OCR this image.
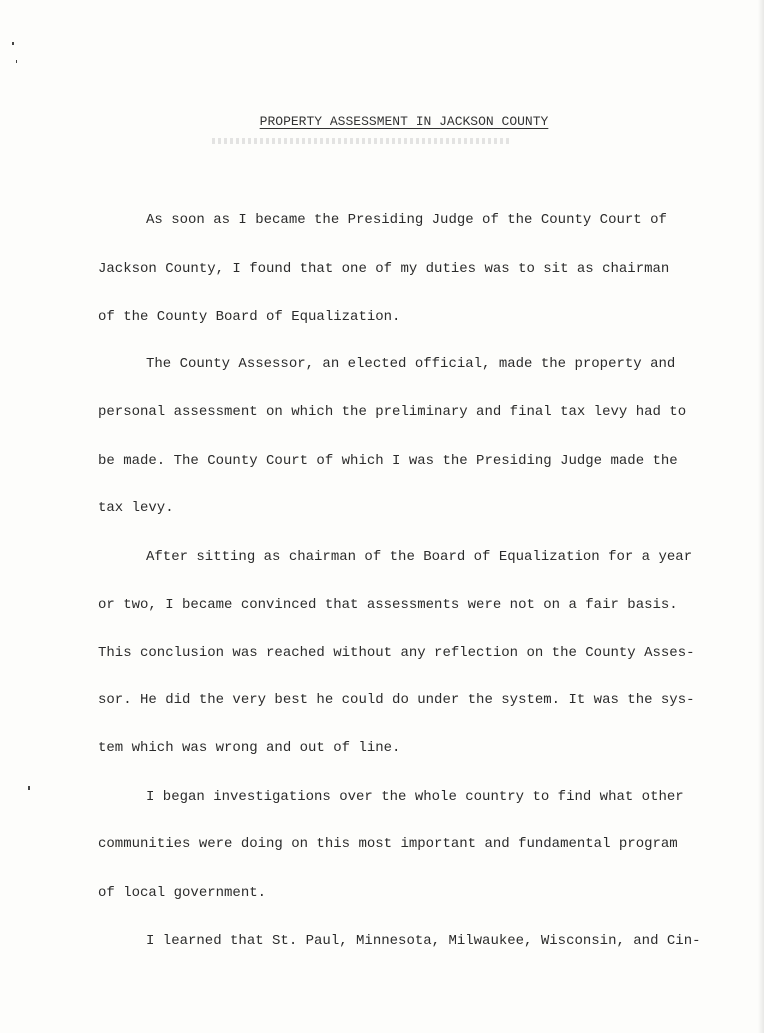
PROPERTY ASSESSMENT IN JACKSON COUNTY
As soon as I became the Presiding Judge of the County Court of
Jackson County, I found that one of my duties was to sit as chairman
of the County Board of Equalization.
The County Assessor, an elected official, made the property and
personal assessment on which the preliminary and final tax levy had to
be made. The County Court of which I was the Presiding Judge made the
tax levy.
After sitting as chairman of the Board of Equalization for a year
or two, I became convinced that assessments were not on a fair basis.
This conclusion was reached without any reflection on the County Asses-
sor. He did the very best he could do under the system. It was the sys-
tem which was wrong and out of line.
I began investigations over the whole country to find what other
communities were doing on this most important and fundamental program
of local government.
I learned that St. Paul, Minnesota, Milwaukee, Wisconsin, and Cin-
